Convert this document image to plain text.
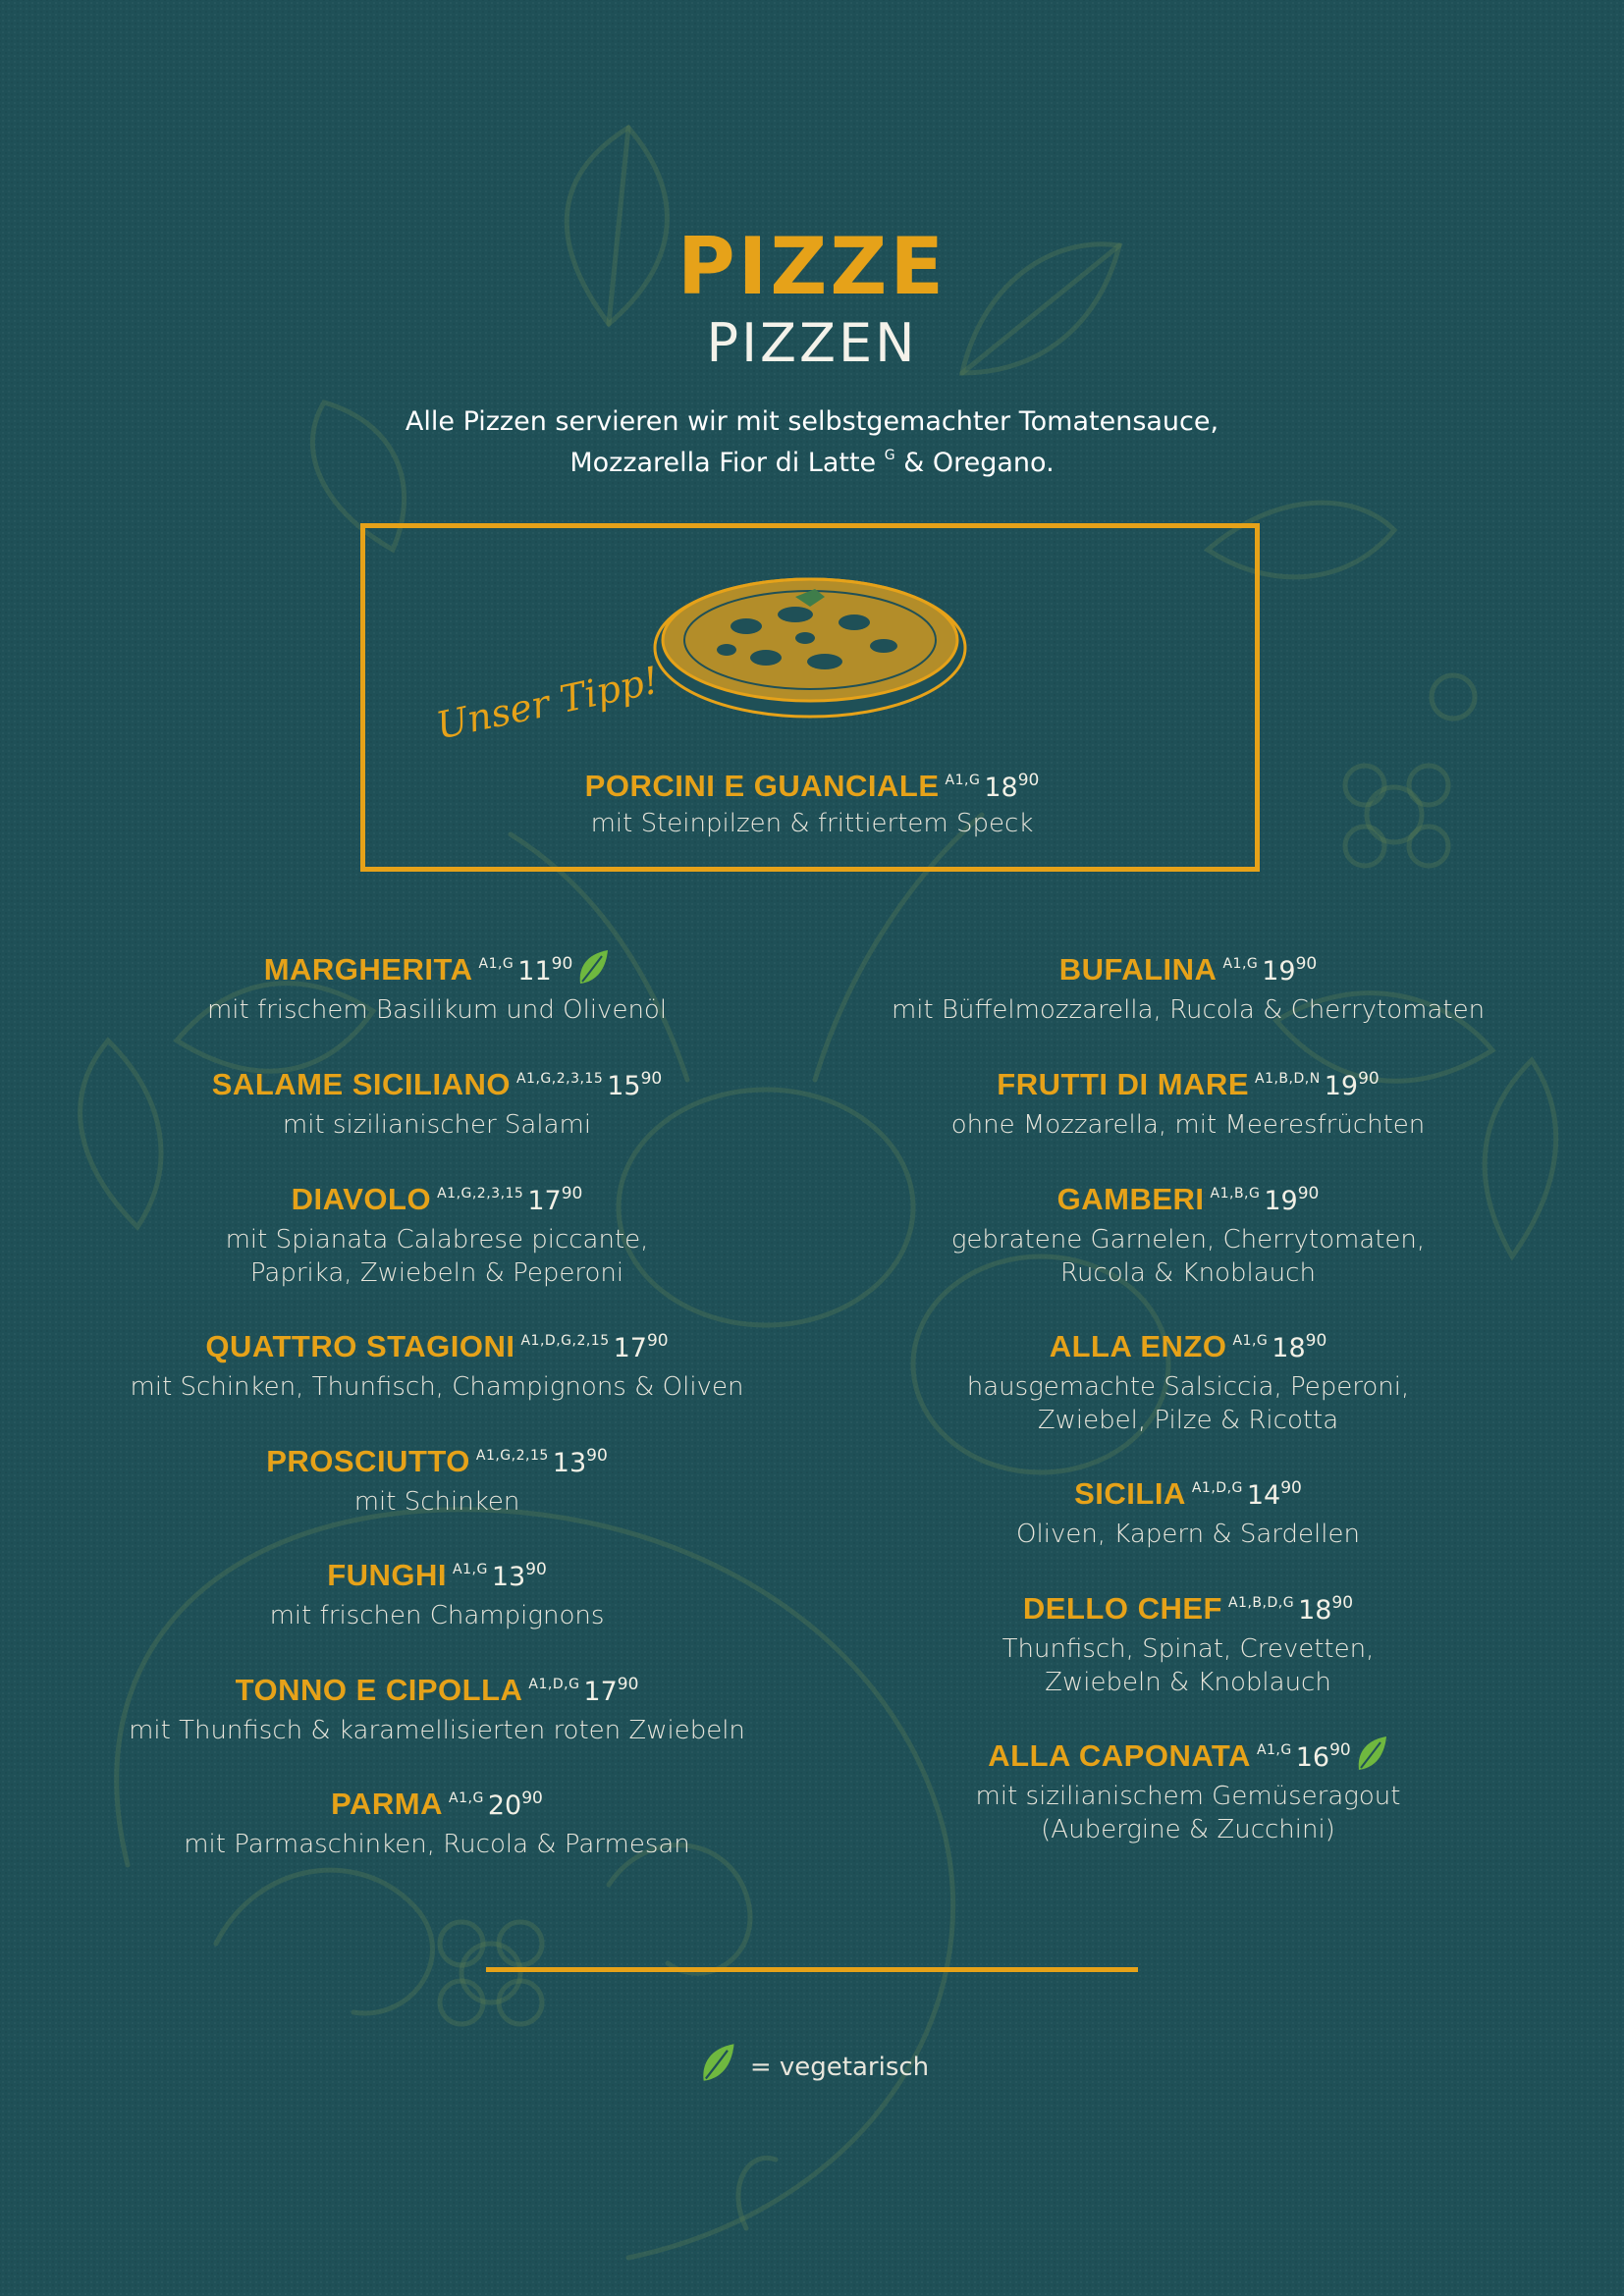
PIZZE
PIZZEN
Alle Pizzen servieren wir mit selbstgemachter Tomatensauce,
Mozzarella Fior di Latte $^G$ & Oregano.
Unser Tipp!
PORCINI E GUANCIALE A1,G $18^{90}$
mit Steinpilzen & frittiertem Speck
MARGHERITA A1,G $11^{90}$
mit frischem Basilikum und Olivenöl
SALAME SICILIANO A1,G,2,3,15 $15^{90}$
mit sizilianischer Salami
DIAVOLO A1,G,2,3,15 $17^{90}$
mit Spianata Calabrese piccante,
Paprika, Zwiebeln & Peperoni
QUATTRO STAGIONI A1,D,G,2,15 $17^{90}$
mit Schinken, Thunfisch, Champignons & Oliven
PROSCIUTTO A1,G,2,15 $13^{90}$
mit Schinken
FUNGHI A1,G $13^{90}$
mit frischen Champignons
TONNO E CIPOLLA A1,D,G $17^{90}$
mit Thunfisch & karamellisierten roten Zwiebeln
PARMA A1,G $20^{90}$
mit Parmaschinken, Rucola & Parmesan
BUFALINA A1,G $19^{90}$
mit Büffelmozzarella, Rucola & Cherrytomaten
FRUTTI DI MARE A1,B,D,N $19^{90}$
ohne Mozzarella, mit Meeresfrüchten
GAMBERI A1,B,G $19^{90}$
gebratene Garnelen, Cherrytomaten,
Rucola & Knoblauch
ALLA ENZO A1,G $18^{90}$
hausgemachte Salsiccia, Peperoni,
Zwiebel, Pilze & Ricotta
SICILIA A1,D,G $14^{90}$
Oliven, Kapern & Sardellen
DELLO CHEF A1,B,D,G $18^{90}$
Thunfisch, Spinat, Crevetten,
Zwiebeln & Knoblauch
ALLA CAPONATA A1,G $16^{90}$
mit sizilianischem Gemüseragout
(Aubergine & Zucchini)
= vegetarisch
